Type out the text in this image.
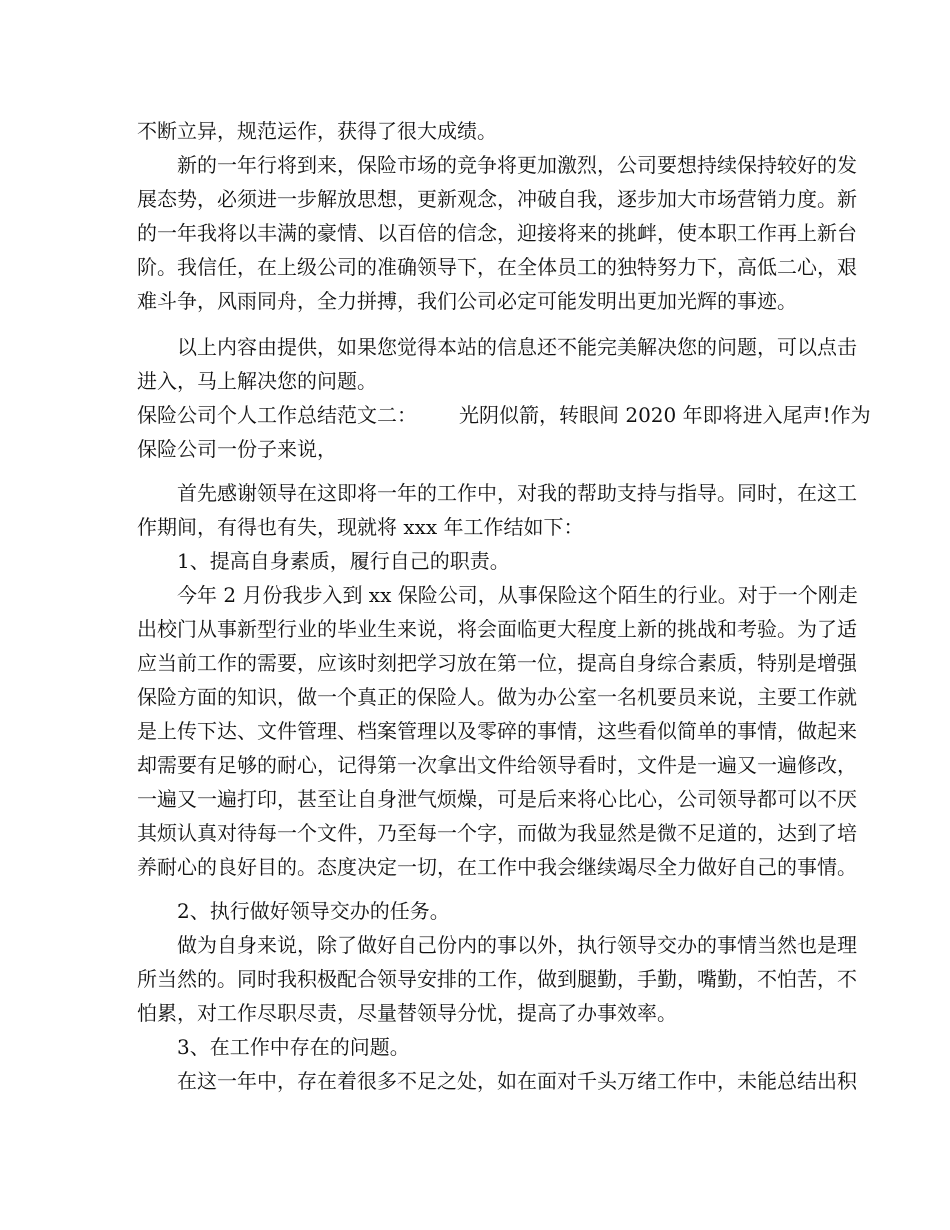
不断立异，规范运作，获得了很大成绩。
新的一年行将到来，保险市场的竞争将更加激烈，公司要想持续保持较好的发
展态势，必须进一步解放思想，更新观念，冲破自我，逐步加大市场营销力度。新
的一年我将以丰满的豪情、以百倍的信念，迎接将来的挑衅，使本职工作再上新台
阶。我信任，在上级公司的准确领导下，在全体员工的独特努力下，高低二心，艰
难斗争，风雨同舟，全力拼搏，我们公司必定可能发明出更加光辉的事迹。
以上内容由提供，如果您觉得本站的信息还不能完美解决您的问题，可以点击
进入，马上解决您的问题。
保险公司个人工作总结范文二： 光阴似箭，转眼间 2020 年即将进入尾声!作为
保险公司一份子来说，
首先感谢领导在这即将一年的工作中，对我的帮助支持与指导。同时，在这工
作期间，有得也有失，现就将 xxx 年工作结如下：
1、提高自身素质，履行自己的职责。
今年 2 月份我步入到 xx 保险公司，从事保险这个陌生的行业。对于一个刚走
出校门从事新型行业的毕业生来说，将会面临更大程度上新的挑战和考验。为了适
应当前工作的需要，应该时刻把学习放在第一位，提高自身综合素质，特别是增强
保险方面的知识，做一个真正的保险人。做为办公室一名机要员来说，主要工作就
是上传下达、文件管理、档案管理以及零碎的事情，这些看似简单的事情，做起来
却需要有足够的耐心，记得第一次拿出文件给领导看时，文件是一遍又一遍修改，
一遍又一遍打印，甚至让自身泄气烦燥，可是后来将心比心，公司领导都可以不厌
其烦认真对待每一个文件，乃至每一个字，而做为我显然是微不足道的，达到了培
养耐心的良好目的。态度决定一切，在工作中我会继续竭尽全力做好自己的事情。
2、执行做好领导交办的任务。
做为自身来说，除了做好自己份内的事以外，执行领导交办的事情当然也是理
所当然的。同时我积极配合领导安排的工作，做到腿勤，手勤，嘴勤，不怕苦，不
怕累，对工作尽职尽责，尽量替领导分忧，提高了办事效率。
3、在工作中存在的问题。
在这一年中，存在着很多不足之处，如在面对千头万绪工作中，未能总结出积
